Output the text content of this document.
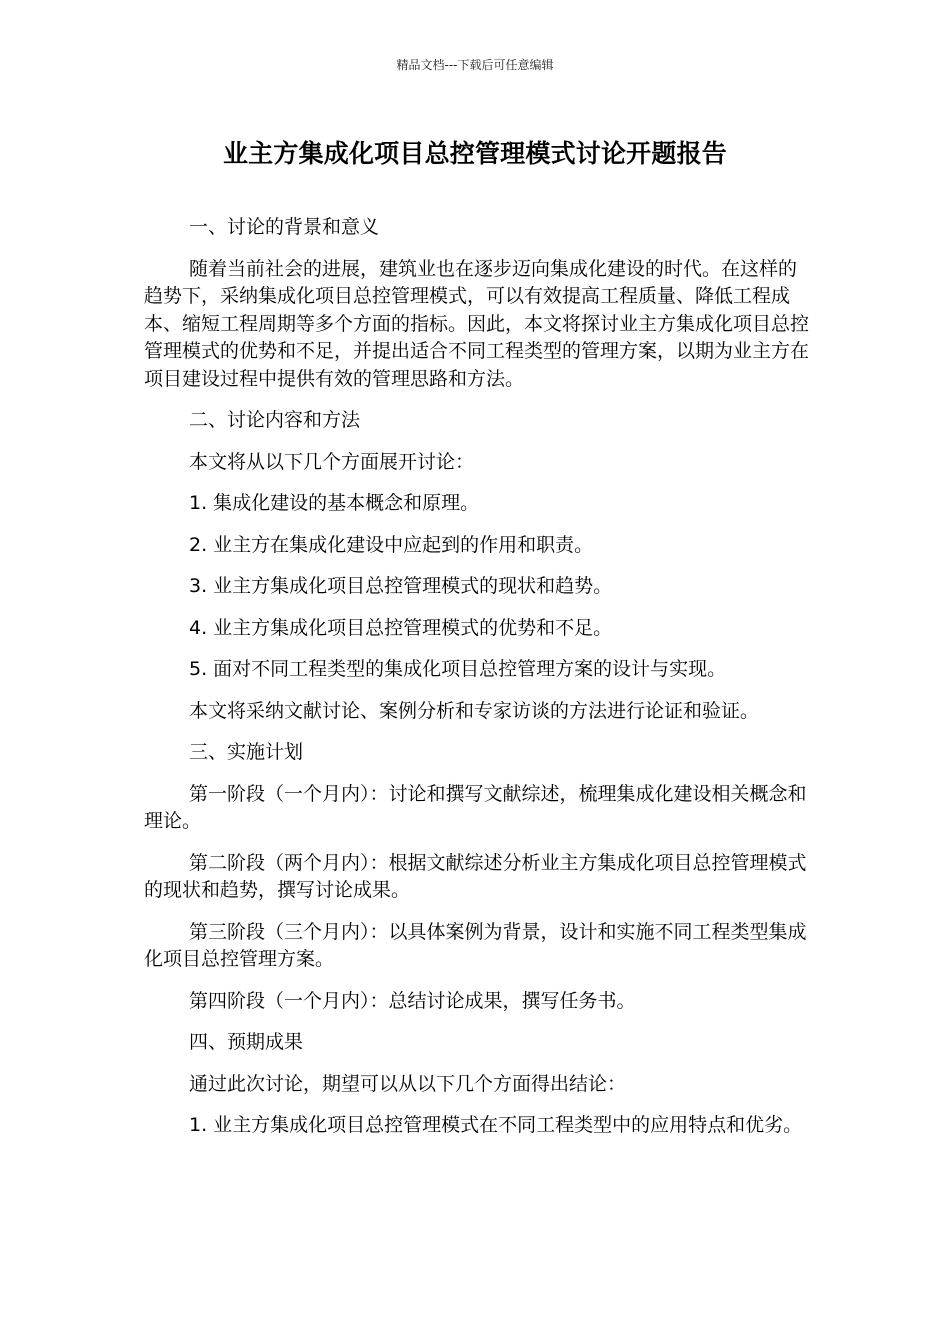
精品文档---下载后可任意编辑
业主方集成化项目总控管理模式讨论开题报告

一、讨论的背景和意义

随着当前社会的进展，建筑业也在逐步迈向集成化建设的时代。在这样的趋势下，采纳集成化项目总控管理模式，可以有效提高工程质量、降低工程成本、缩短工程周期等多个方面的指标。因此，本文将探讨业主方集成化项目总控管理模式的优势和不足，并提出适合不同工程类型的管理方案，以期为业主方在项目建设过程中提供有效的管理思路和方法。

二、讨论内容和方法

本文将从以下几个方面展开讨论：

1. 集成化建设的基本概念和原理。

2. 业主方在集成化建设中应起到的作用和职责。

3. 业主方集成化项目总控管理模式的现状和趋势。

4. 业主方集成化项目总控管理模式的优势和不足。

5. 面对不同工程类型的集成化项目总控管理方案的设计与实现。

本文将采纳文献讨论、案例分析和专家访谈的方法进行论证和验证。

三、实施计划

第一阶段（一个月内）：讨论和撰写文献综述，梳理集成化建设相关概念和理论。

第二阶段（两个月内）：根据文献综述分析业主方集成化项目总控管理模式的现状和趋势，撰写讨论成果。

第三阶段（三个月内）：以具体案例为背景，设计和实施不同工程类型集成化项目总控管理方案。

第四阶段（一个月内）：总结讨论成果，撰写任务书。

四、预期成果

通过此次讨论，期望可以从以下几个方面得出结论：

1. 业主方集成化项目总控管理模式在不同工程类型中的应用特点和优劣。
